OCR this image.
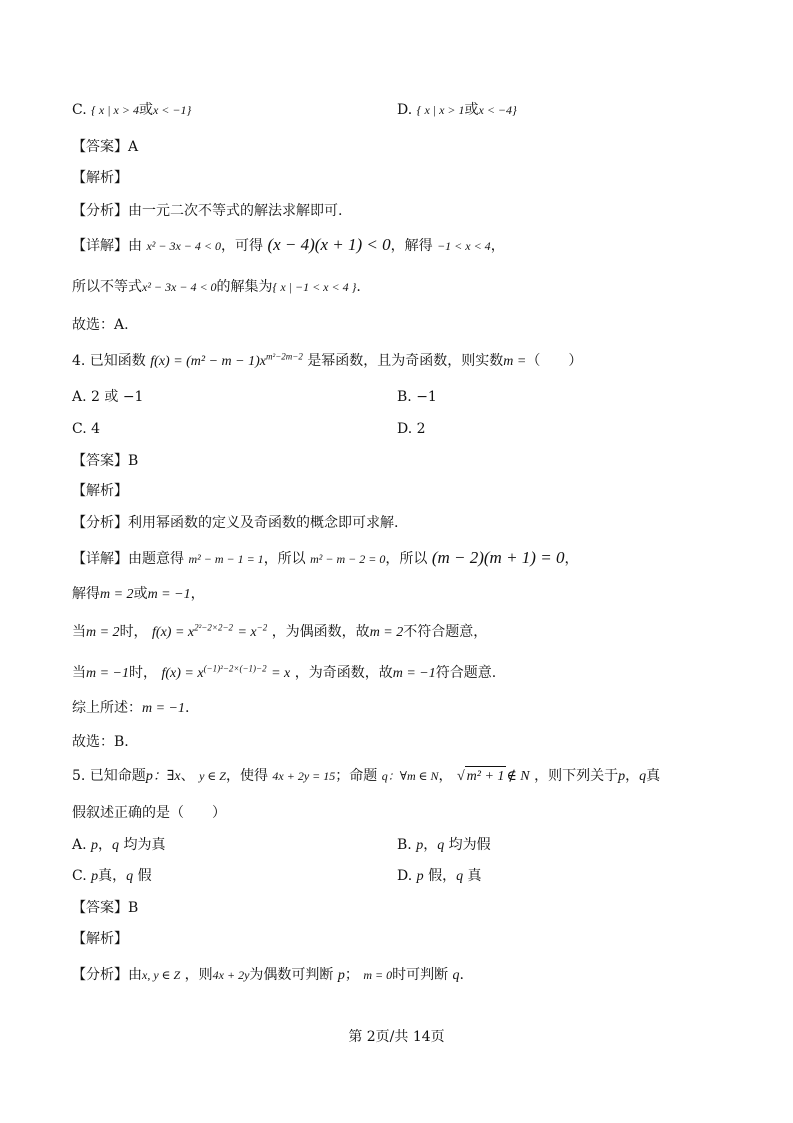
C. { x | x > 4或x < −1}	D. { x | x > 1或x < −4}
【答案】A
【解析】
【分析】由一元二次不等式的解法求解即可.
【详解】由 x² − 3x − 4 < 0，可得 (x − 4)(x + 1) < 0，解得 −1 < x < 4，
所以不等式x² − 3x − 4 < 0的解集为{ x | −1 < x < 4 }.
故选：A.
4. 已知函数 $f(x) = (m^2 - m - 1)x^{m^2-2m-2}$ 是幂函数，且为奇函数，则实数m =（　　）
A. 2 或 −1	B. −1
C. 4	D. 2
【答案】B
【解析】
【分析】利用幂函数的定义及奇函数的概念即可求解.
【详解】由题意得 m² − m − 1 = 1，所以 m² − m − 2 = 0，所以 (m − 2)(m + 1) = 0，
解得m = 2或m = −1，
当m = 2时， $f(x) = x^{2^2-2\times 2-2} = x^{-2}$ ，为偶函数，故m = 2不符合题意，
当m = −1时， $f(x) = x^{(-1)^2-2\times(-1)-2} = x$ ，为奇函数，故m = −1符合题意.
综上所述：m = −1.
故选：B.
5. 已知命题p：∃x、 y ∈ Z，使得 4x + 2y = 15；命题 q：∀m ∈ N， √ m² + 1 ∉ N ，则下列关于p，q真
假叙述正确的是（　　）
A. p，q 均为真	B. p，q 均为假
C. p真，q 假	D. p 假，q 真
【答案】B
【解析】
【分析】由x, y ∈ Z ，则4x + 2y为偶数可判断 p； m = 0时可判断 q.
第 2页/共 14页
